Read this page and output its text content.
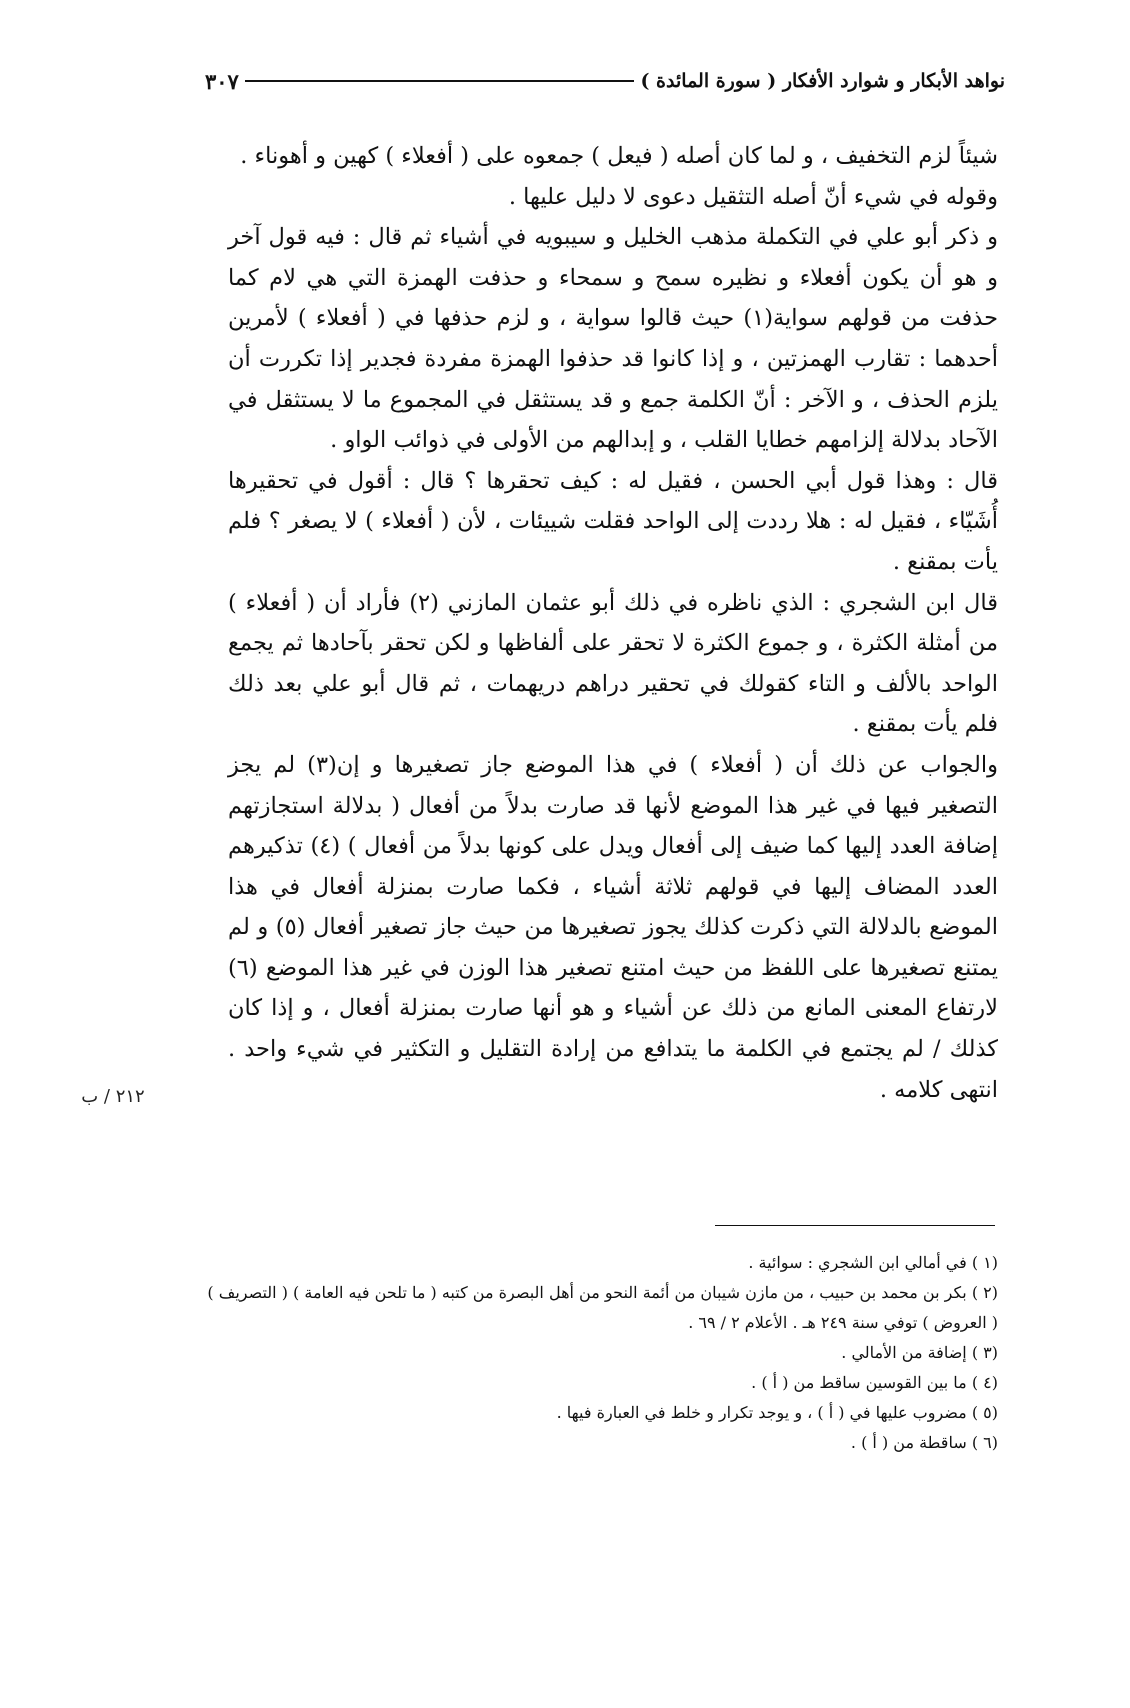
نواهد الأبكار و شوارد الأفكار ( سورة المائدة )
٣٠٧

شيئاً لزم التخفيف ، و لما كان أصله ( فيعل ) جمعوه على ( أفعلاء ) كهين و أهوناء .

وقوله في شيء أنّ أصله التثقيل دعوى لا دليل عليها .

و ذكر أبو علي في التكملة مذهب الخليل و سيبويه في أشياء ثم قال : فيه قول آخر و هو أن يكون أفعلاء و نظيره سمح و سمحاء و حذفت الهمزة التي هي لام كما حذفت من قولهم سواية(١) حيث قالوا سواية ، و لزم حذفها في ( أفعلاء ) لأمرين أحدهما : تقارب الهمزتين ، و إذا كانوا قد حذفوا الهمزة مفردة فجدير إذا تكررت أن يلزم الحذف ، و الآخر : أنّ الكلمة جمع و قد يستثقل في المجموع ما لا يستثقل في الآحاد بدلالة إلزامهم خطايا القلب ، و إبدالهم من الأولى في ذوائب الواو .

قال : وهذا قول أبي الحسن ، فقيل له : كيف تحقرها ؟ قال : أقول في تحقيرها أُشَيّاء ، فقيل له : هلا رددت إلى الواحد فقلت شييئات ، لأن ( أفعلاء ) لا يصغر ؟ فلم يأت بمقنع .

قال ابن الشجري : الذي ناظره في ذلك أبو عثمان المازني (٢) فأراد أن ( أفعلاء ) من أمثلة الكثرة ، و جموع الكثرة لا تحقر على ألفاظها و لكن تحقر بآحادها ثم يجمع الواحد بالألف و التاء كقولك في تحقير دراهم دريهمات ، ثم قال أبو علي بعد ذلك فلم يأت بمقنع .

والجواب عن ذلك أن ( أفعلاء ) في هذا الموضع جاز تصغيرها و إن(٣) لم يجز التصغير فيها في غير هذا الموضع لأنها قد صارت بدلاً من أفعال ( بدلالة استجازتهم إضافة العدد إليها كما ضيف إلى أفعال ويدل على كونها بدلاً من أفعال ) (٤) تذكيرهم العدد المضاف إليها في قولهم ثلاثة أشياء ، فكما صارت بمنزلة أفعال في هذا الموضع بالدلالة التي ذكرت كذلك يجوز تصغيرها من حيث جاز تصغير أفعال (٥) و لم يمتنع تصغيرها على اللفظ من حيث امتنع تصغير هذا الوزن في غير هذا الموضع (٦) لارتفاع المعنى المانع من ذلك عن أشياء و هو أنها صارت بمنزلة أفعال ، و إذا كان كذلك / لم يجتمع في الكلمة ما يتدافع من إرادة التقليل و التكثير في شيء واحد . انتهى كلامه .

٢١٢ / ب

(١ ) في أمالي ابن الشجري : سوائية .

(٢ ) بكر بن محمد بن حبيب ، من مازن شيبان من أئمة النحو من أهل البصرة من كتبه ( ما تلحن فيه العامة ) ( التصريف ) ( العروض ) توفي سنة ٢٤٩ هـ . الأعلام ٢ / ٦٩ .

(٣ ) إضافة من الأمالي .

(٤ ) ما بين القوسين ساقط من ( أ ) .

(٥ ) مضروب عليها في ( أ ) ، و يوجد تكرار و خلط في العبارة فيها .

(٦ ) ساقطة من ( أ ) .
